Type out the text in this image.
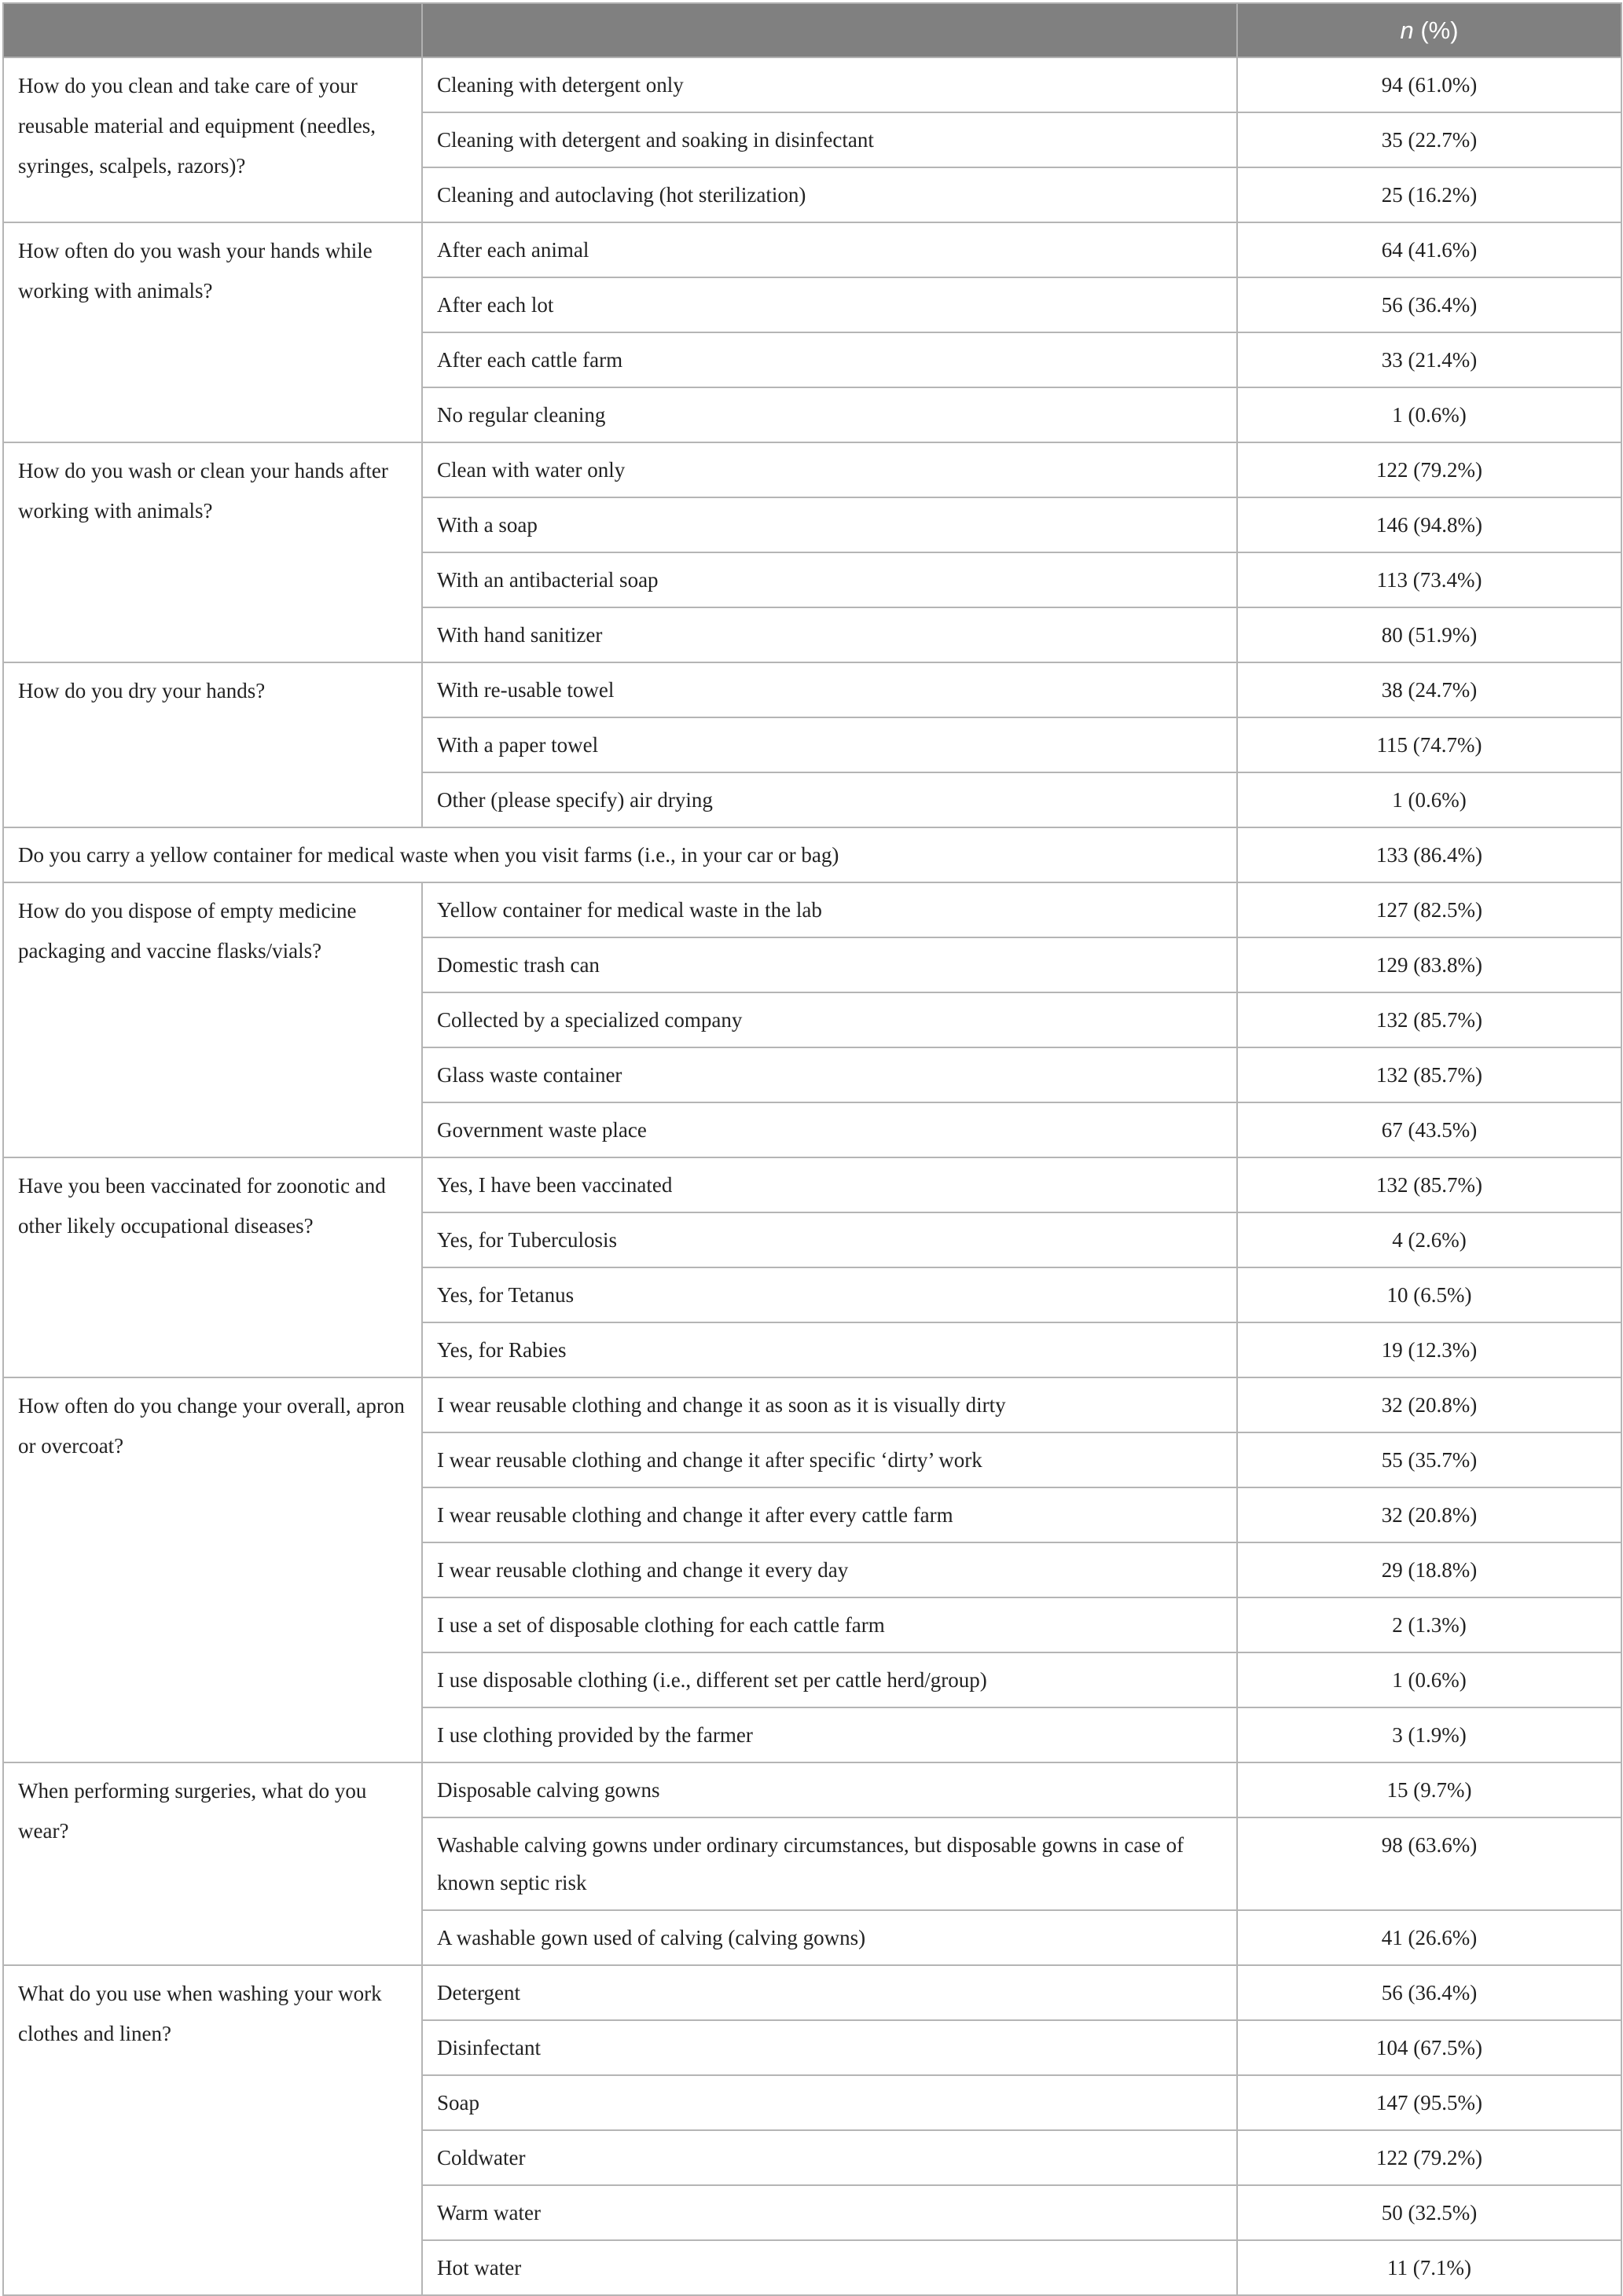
		n (%)
How do you clean and take care of your reusable material and equipment (needles, syringes, scalpels, razors)?	Cleaning with detergent only	94 (61.0%)
	Cleaning with detergent and soaking in disinfectant	35 (22.7%)
	Cleaning and autoclaving (hot sterilization)	25 (16.2%)
How often do you wash your hands while working with animals?	After each animal	64 (41.6%)
	After each lot	56 (36.4%)
	After each cattle farm	33 (21.4%)
	No regular cleaning	1 (0.6%)
How do you wash or clean your hands after working with animals?	Clean with water only	122 (79.2%)
	With a soap	146 (94.8%)
	With an antibacterial soap	113 (73.4%)
	With hand sanitizer	80 (51.9%)
How do you dry your hands?	With re-usable towel	38 (24.7%)
	With a paper towel	115 (74.7%)
	Other (please specify) air drying	1 (0.6%)
Do you carry a yellow container for medical waste when you visit farms (i.e., in your car or bag)		133 (86.4%)
How do you dispose of empty medicine packaging and vaccine flasks/vials?	Yellow container for medical waste in the lab	127 (82.5%)
	Domestic trash can	129 (83.8%)
	Collected by a specialized company	132 (85.7%)
	Glass waste container	132 (85.7%)
	Government waste place	67 (43.5%)
Have you been vaccinated for zoonotic and other likely occupational diseases?	Yes, I have been vaccinated	132 (85.7%)
	Yes, for Tuberculosis	4 (2.6%)
	Yes, for Tetanus	10 (6.5%)
	Yes, for Rabies	19 (12.3%)
How often do you change your overall, apron or overcoat?	I wear reusable clothing and change it as soon as it is visually dirty	32 (20.8%)
	I wear reusable clothing and change it after specific ‘dirty’ work	55 (35.7%)
	I wear reusable clothing and change it after every cattle farm	32 (20.8%)
	I wear reusable clothing and change it every day	29 (18.8%)
	I use a set of disposable clothing for each cattle farm	2 (1.3%)
	I use disposable clothing (i.e., different set per cattle herd/group)	1 (0.6%)
	I use clothing provided by the farmer	3 (1.9%)
When performing surgeries, what do you wear?	Disposable calving gowns	15 (9.7%)
	Washable calving gowns under ordinary circumstances, but disposable gowns in case of known septic risk	98 (63.6%)
	A washable gown used of calving (calving gowns)	41 (26.6%)
What do you use when washing your work clothes and linen?	Detergent	56 (36.4%)
	Disinfectant	104 (67.5%)
	Soap	147 (95.5%)
	Coldwater	122 (79.2%)
	Warm water	50 (32.5%)
	Hot water	11 (7.1%)
